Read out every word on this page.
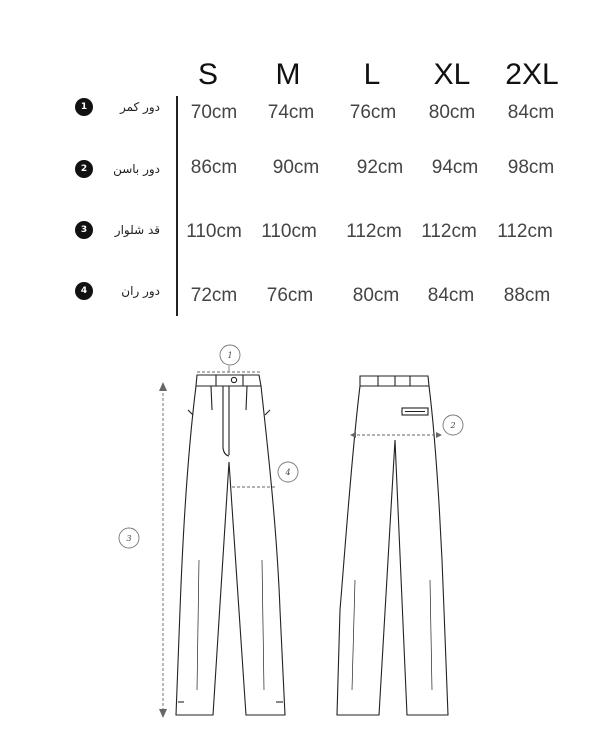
S M L XL 2XL
1	دور کمر 70cm 74cm 76cm 80cm 84cm
2	دور باسن 86cm 90cm 92cm 94cm 98cm
3	قد شلوار 110cm 110cm 112cm 112cm 112cm
4	دور ران 72cm 76cm 80cm 84cm 88cm
1
2
3
4
